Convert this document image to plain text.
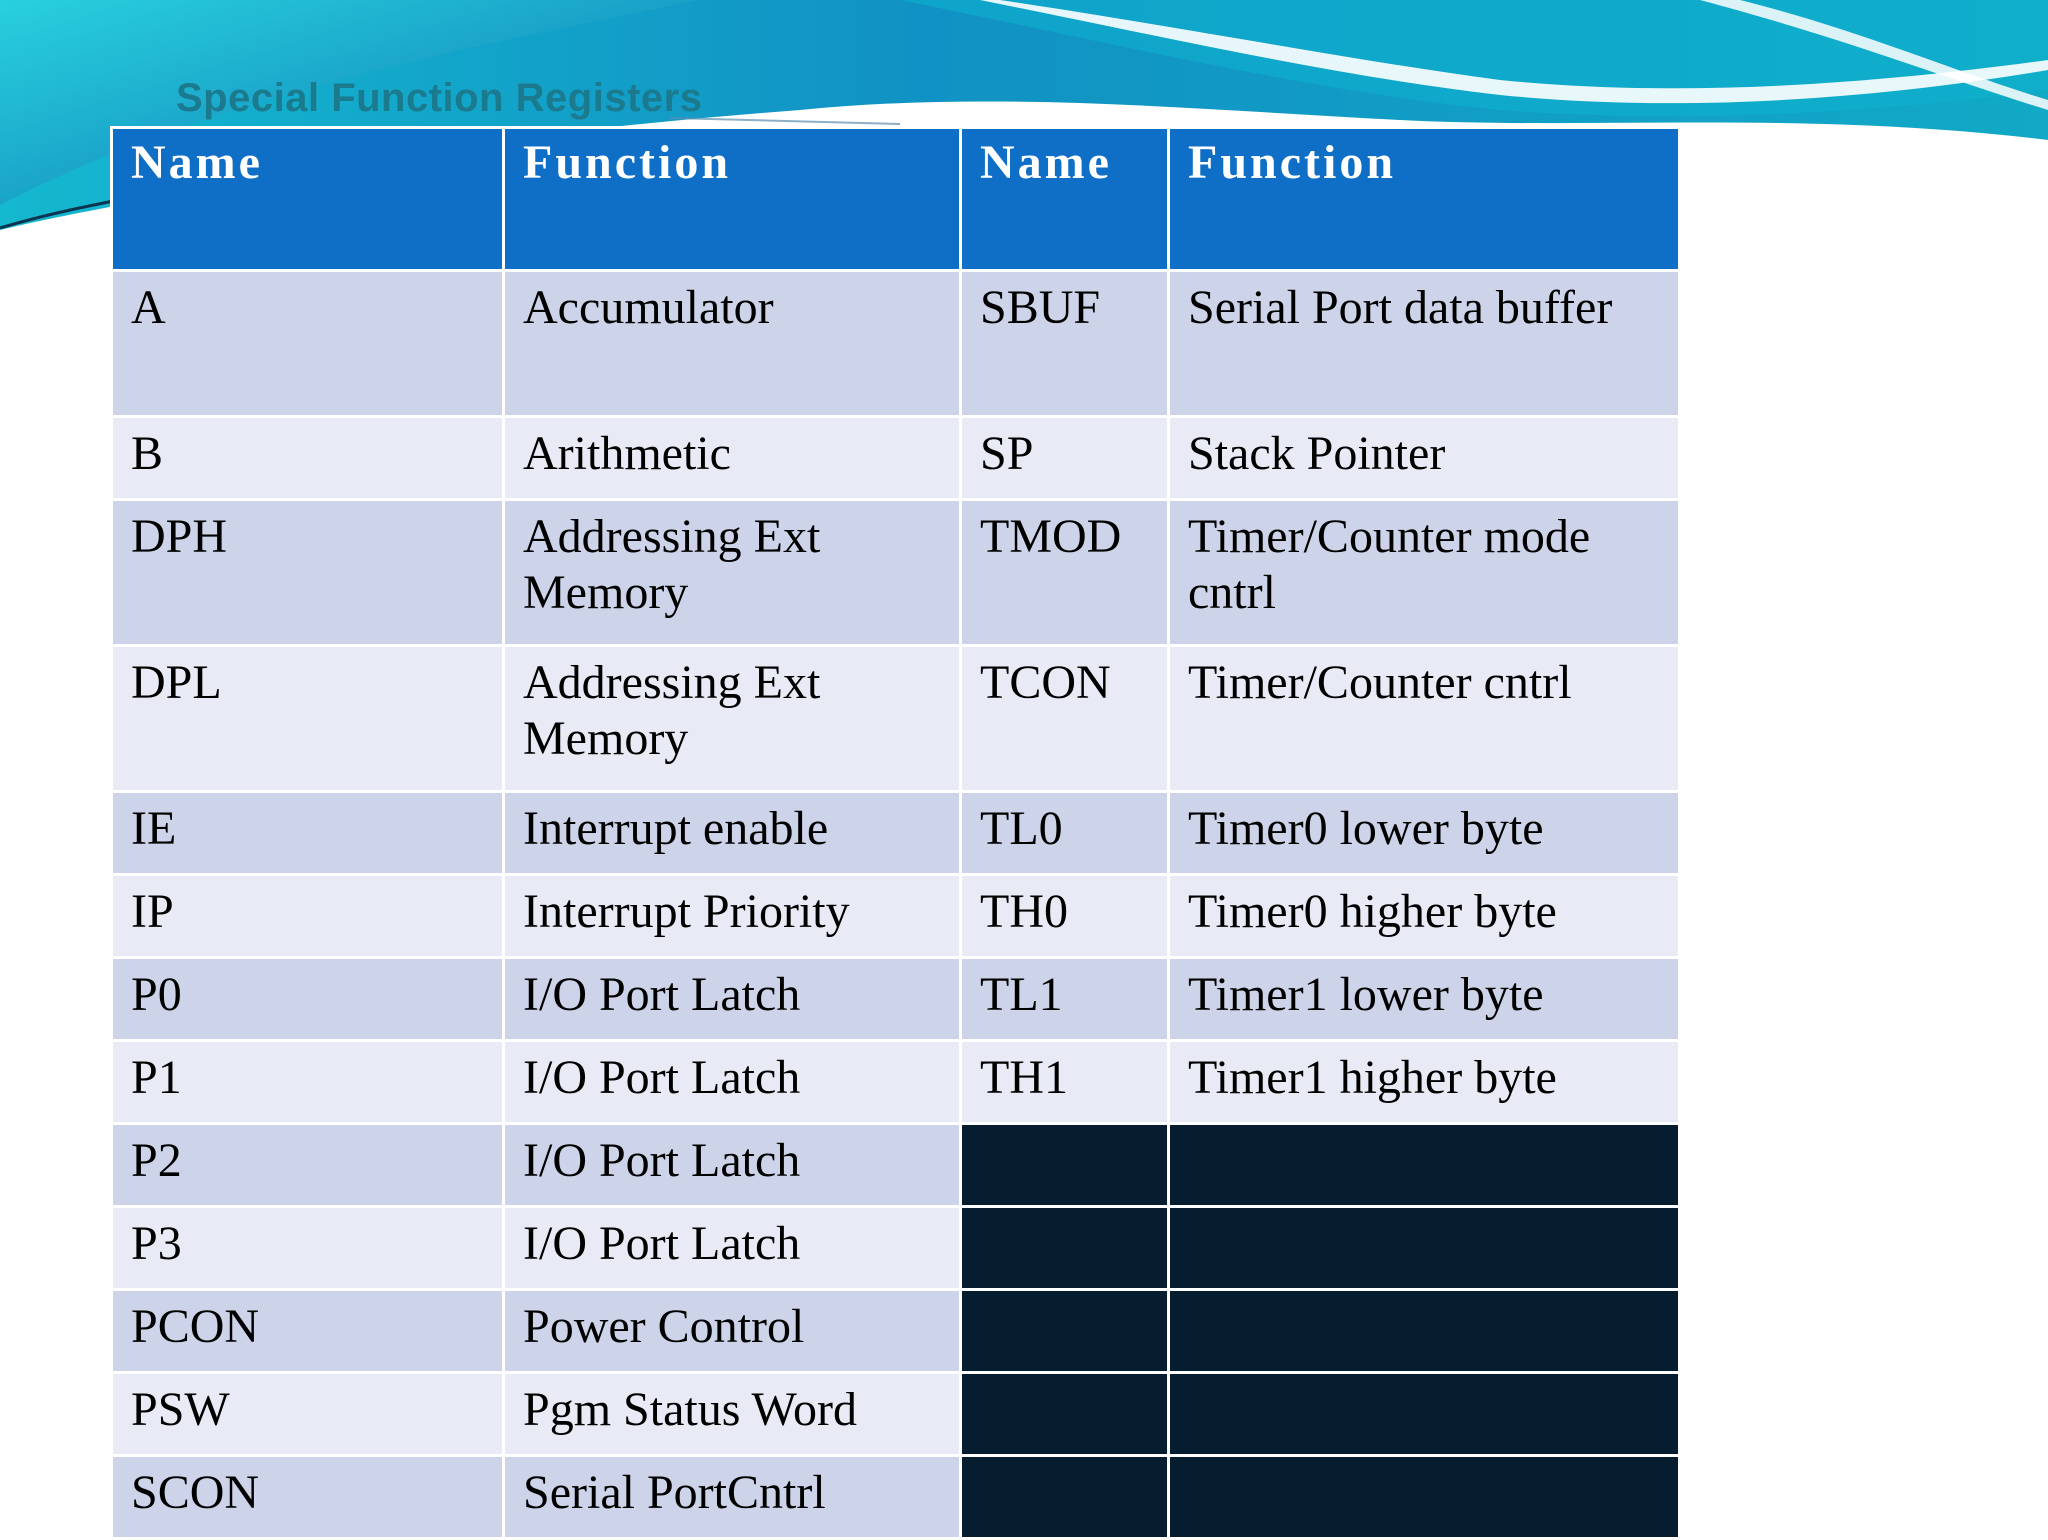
Special Function Registers
Name	Function	Name	Function
A	Accumulator	SBUF	Serial Port data buffer
B	Arithmetic	SP	Stack Pointer
DPH	Addressing Ext Memory	TMOD	Timer/Counter mode cntrl
DPL	Addressing Ext Memory	TCON	Timer/Counter cntrl
IE	Interrupt enable	TL0	Timer0 lower byte
IP	Interrupt Priority	TH0	Timer0 higher byte
P0	I/O Port Latch	TL1	Timer1 lower byte
P1	I/O Port Latch	TH1	Timer1 higher byte
P2	I/O Port Latch		
P3	I/O Port Latch		
PCON	Power Control		
PSW	Pgm Status Word		
SCON	Serial PortCntrl		
